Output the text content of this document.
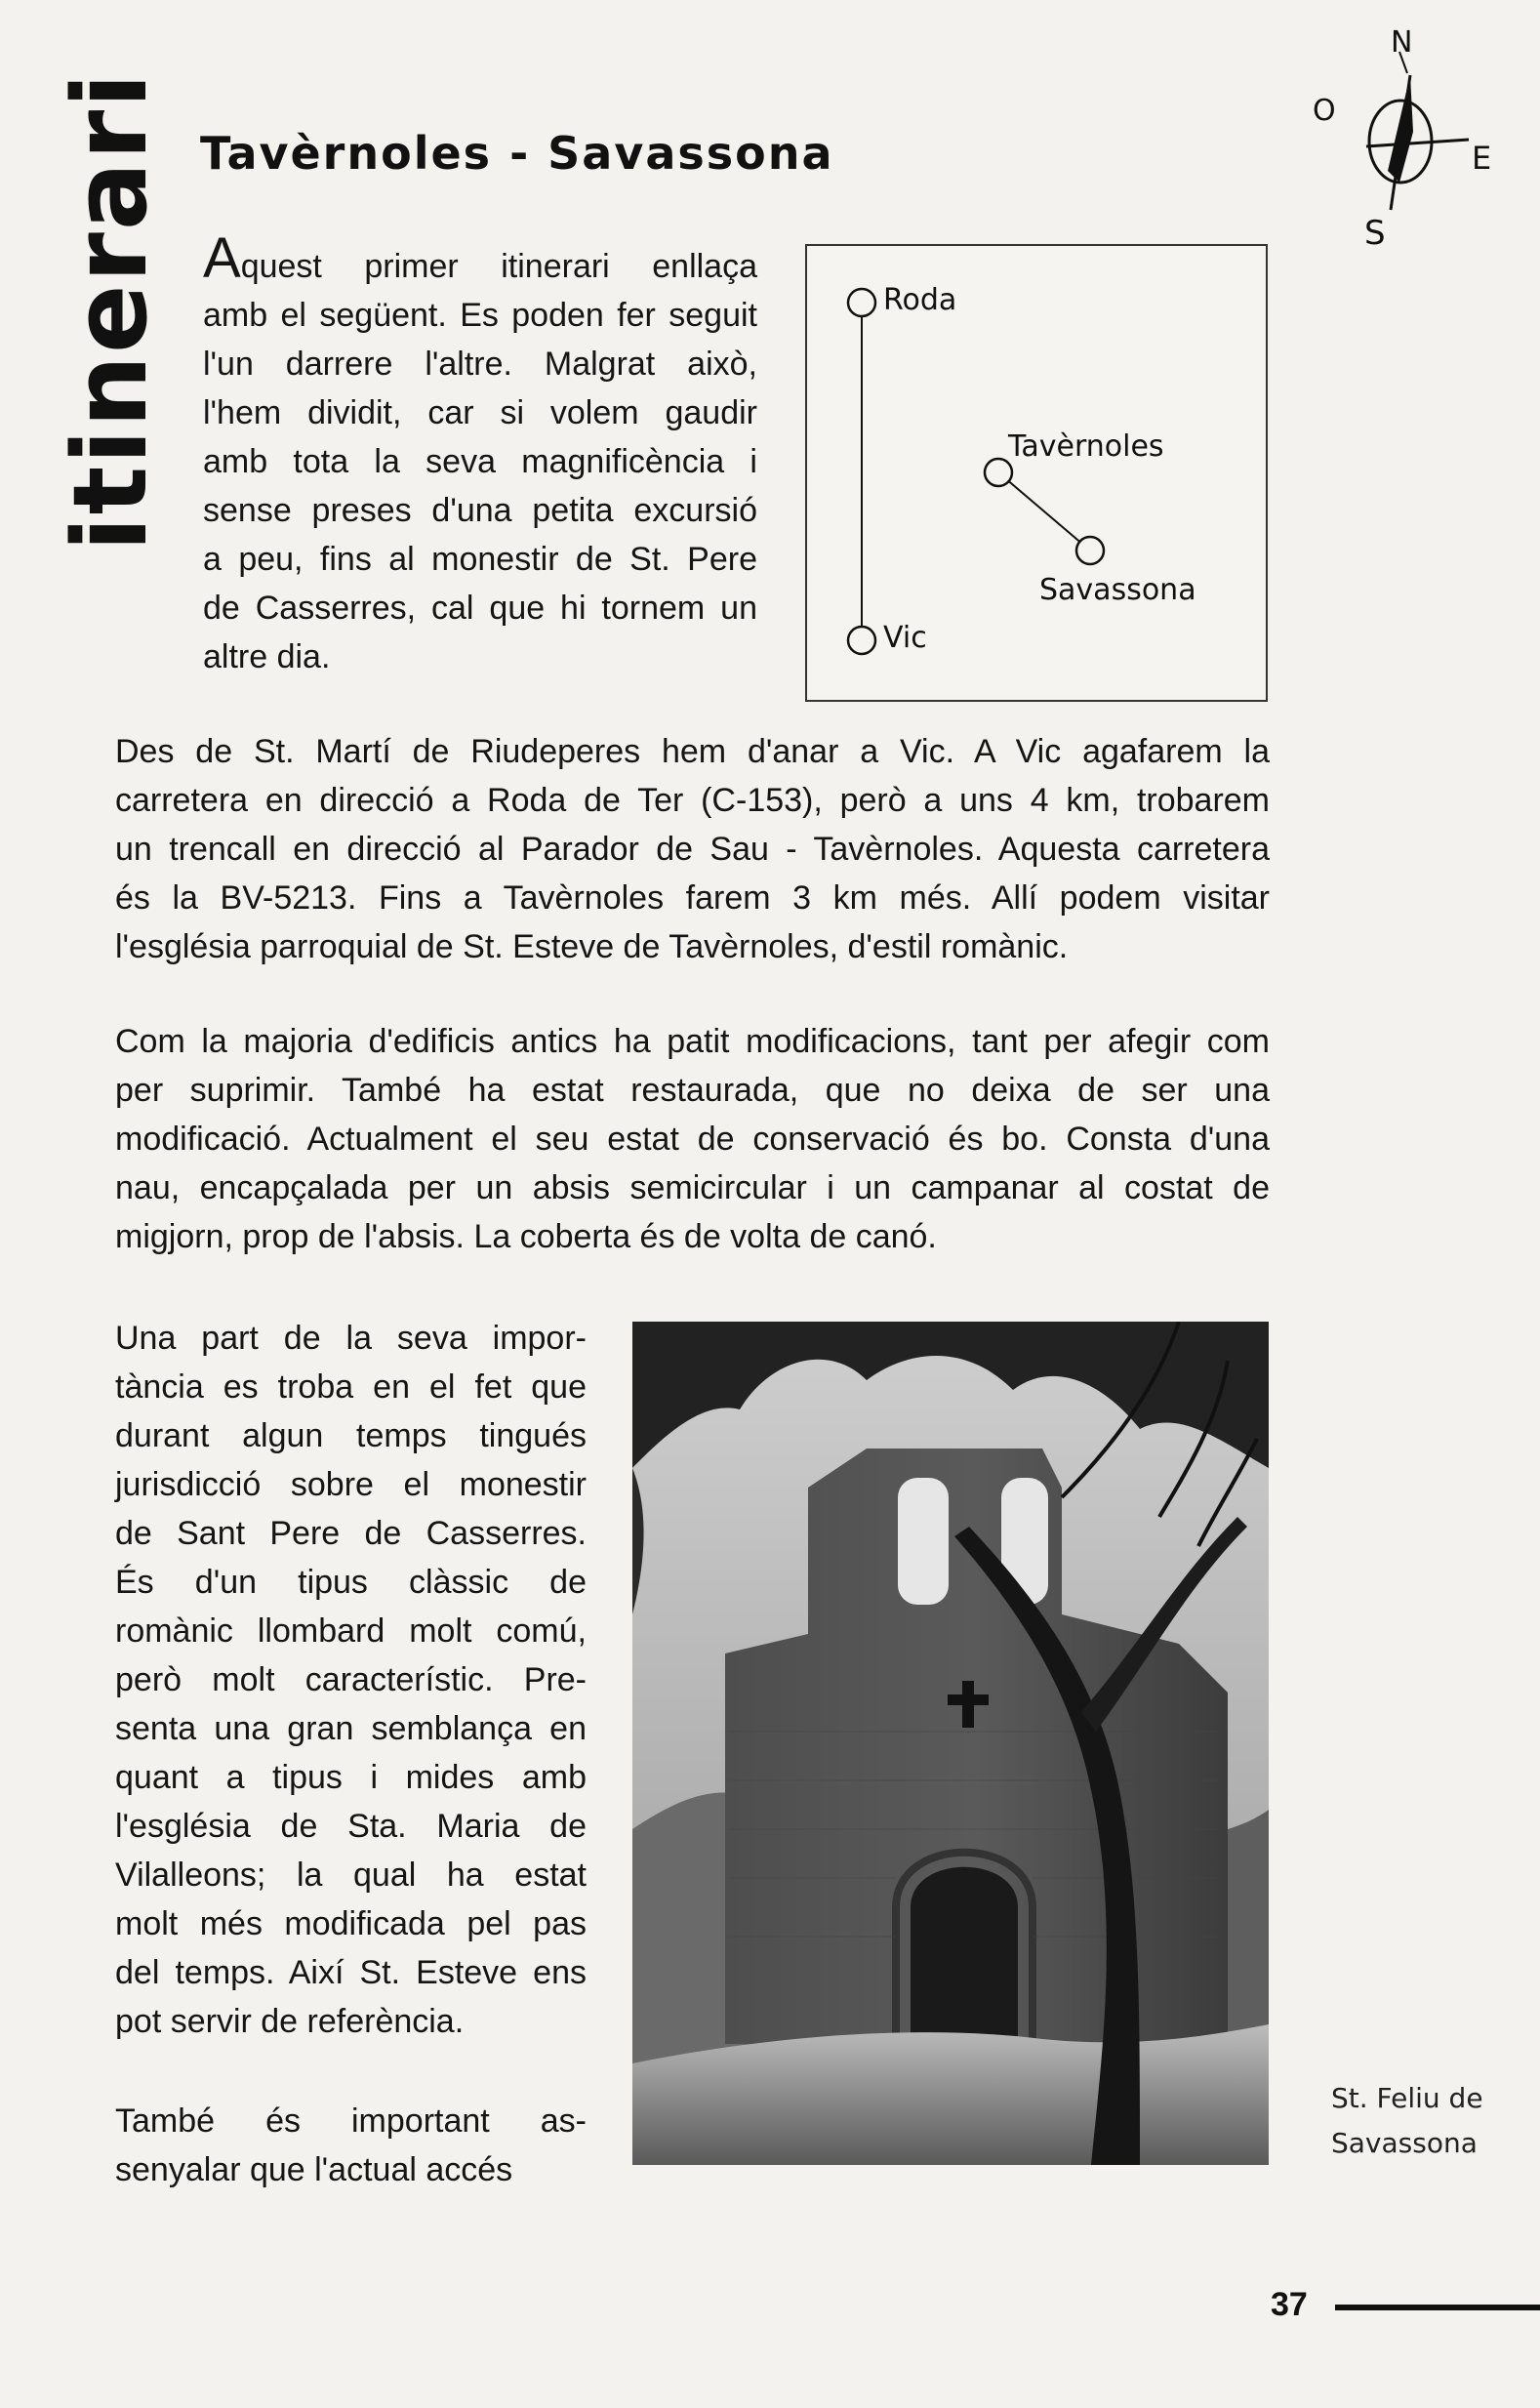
N
O
E
S
itinerari Tavèrnoles - Savassona

Aquest primer itinerari enllaça

amb el següent. Es poden fer seguit

l'un darrere l'altre. Malgrat això,

l'hem dividit, car si volem gaudir

amb tota la seva magnificència i

sense preses d'una petita excursió

a peu, fins al monestir de St. Pere

de Casserres, cal que hi tornem un

altre dia.

Roda
Tavèrnoles
Savassona
Vic

Des de St. Martí de Riudeperes hem d'anar a Vic. A Vic agafarem la

carretera en direcció a Roda de Ter (C-153), però a uns 4 km, trobarem

un trencall en direcció al Parador de Sau - Tavèrnoles. Aquesta carretera

és la BV-5213. Fins a Tavèrnoles farem 3 km més. Allí podem visitar

l'església parroquial de St. Esteve de Tavèrnoles, d'estil romànic.

Com la majoria d'edificis antics ha patit modificacions, tant per afegir com

per suprimir. També ha estat restaurada, que no deixa de ser una

modificació. Actualment el seu estat de conservació és bo. Consta d'una

nau, encapçalada per un absis semicircular i un campanar al costat de

migjorn, prop de l'absis. La coberta és de volta de canó.

Una part de la seva impor-

tància es troba en el fet que

durant algun temps tingués

jurisdicció sobre el monestir

de Sant Pere de Casserres.

És d'un tipus clàssic de

romànic llombard molt comú,

però molt característic. Pre-

senta una gran semblança en

quant a tipus i mides amb

l'església de Sta. Maria de

Vilalleons; la qual ha estat

molt més modificada pel pas

del temps. Així St. Esteve ens

pot servir de referència.

També és important as-

senyalar que l'actual accés

St. Feliu de
Savassona
37
